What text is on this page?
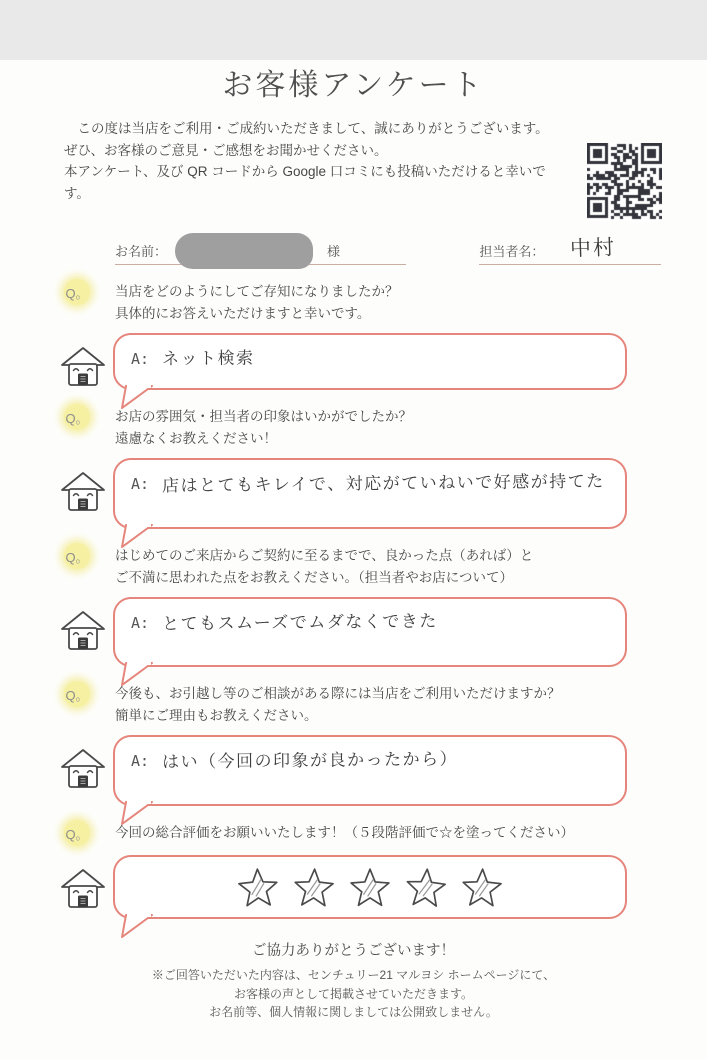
お客様アンケート
この度は当店をご利用・ご成約いただきまして、誠にありがとうございます。
ぜひ、お客様のご意見・ご感想をお聞かせください。
本アンケート、及び QR コードから Google 口コミにも投稿いただけると幸いです。
お名前：	様	担当者名： 中村
Q。 当店をどのようにしてご存知になりましたか？
具体的にお答えいただけますと幸いです。
A: ネット検索
Q。 お店の雰囲気・担当者の印象はいかがでしたか？
遠慮なくお教えください！
A: 店はとてもキレイで、対応がていねいで好感が持てた
Q。 はじめてのご来店からご契約に至るまでで、良かった点（あれば）と
ご不満に思われた点をお教えください。（担当者やお店について）
A: とてもスムーズでムダなくできた
Q。 今後も、お引越し等のご相談がある際には当店をご利用いただけますか？
簡単にご理由もお教えください。
A: はい（今回の印象が良かったから）
Q。 今回の総合評価をお願いいたします！（５段階評価で☆を塗ってください）
ご協力ありがとうございます！
※ご回答いただいた内容は、センチュリー21 マルヨシ ホームページにて、
お客様の声として掲載させていただきます。
お名前等、個人情報に関しましては公開致しません。
